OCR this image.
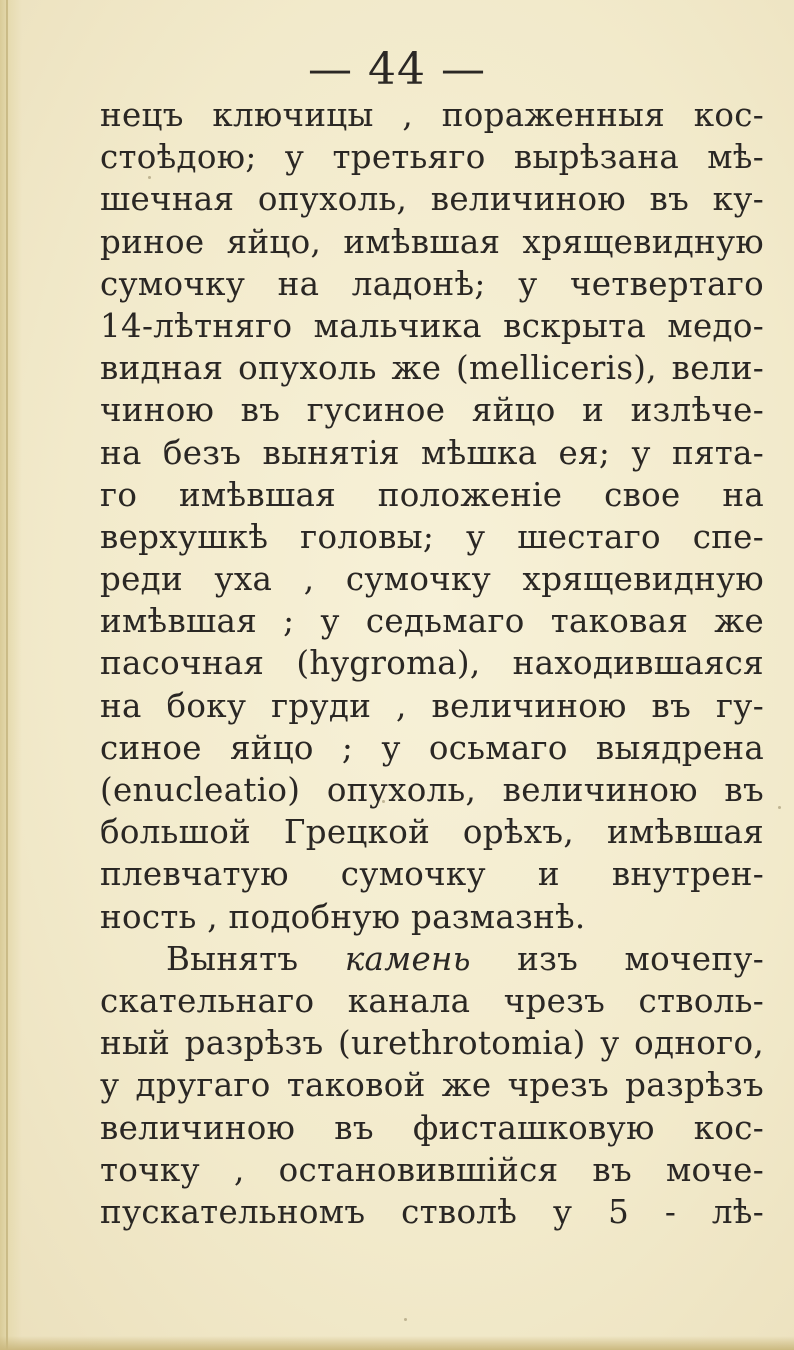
— 44 —
нецъ ключицы , пораженныя кос-
стоѣдою; у третьяго вырѣзана мѣ-
шечная опухоль, величиною въ ку-
риное яйцо, имѣвшая хрящевидную
сумочку на ладонѣ; у четвертаго
14-лѣтняго мальчика вскрыта медо-
видная опухоль же (mellіceris), вели-
чиною въ гусиное яйцо и излѣче-
на безъ вынятія мѣшка ея; у пята-
го имѣвшая положеніе свое на
верхушкѣ головы; у шестаго спе-
реди уха , сумочку хрящевидную
имѣвшая ; у седьмаго таковая же
пасочная (hygroma), находившаяся
на боку груди , величиною въ гу-
синое яйцо ; у осьмаго выядрена
(enucleatio) опухоль, величиною въ
большой Грецкой орѣхъ, имѣвшая
плевчатую сумочку и внутрен-
ность , подобную размазнѣ.
Вынятъ камень изъ мочепу-
скательнаго канала чрезъ стволь-
ный разрѣзъ (urethrotomia) у одного,
у другаго таковой же чрезъ разрѣзъ
величиною въ фисташковую кос-
точку , остановившійся въ моче-
пускательномъ стволѣ у 5 - лѣ-
